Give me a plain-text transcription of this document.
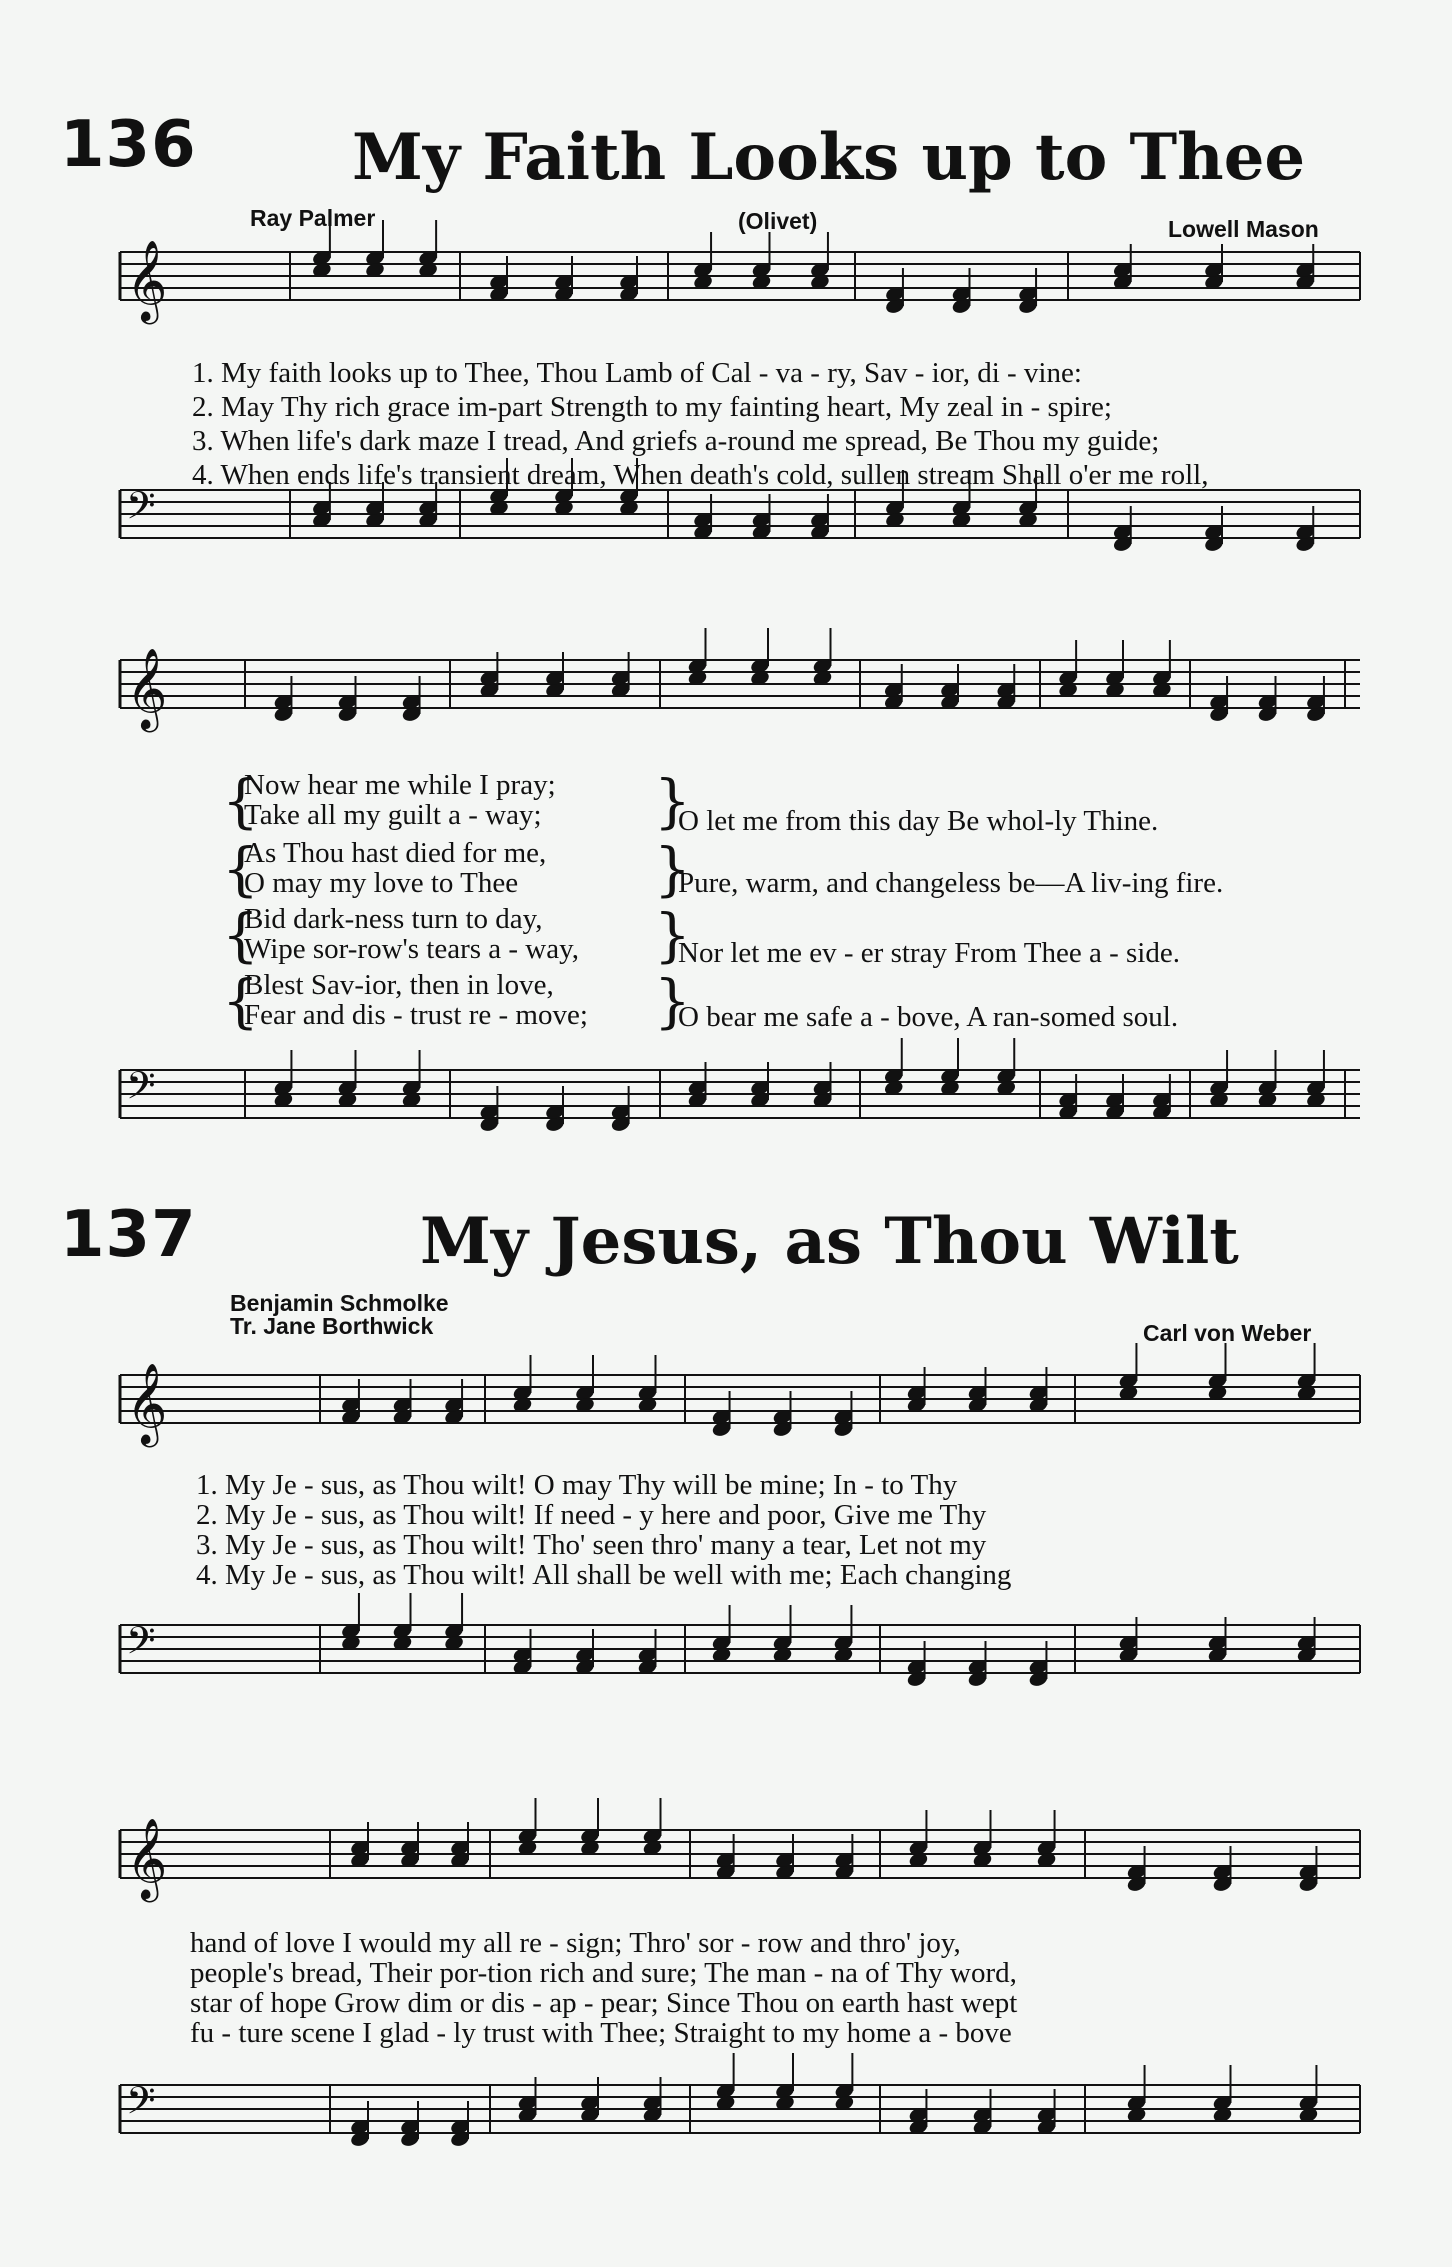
136 My Faith Looks up to Thee
Ray Palmer	(Olivet)	Lowell Mason
𝄞
𝄢
𝄞
𝄢
𝄞
𝄢
𝄞
𝄢
1. My faith looks up to Thee, Thou Lamb of Cal - va - ry, Sav - ior, di - vine:
2. May Thy rich grace im-part Strength to my fainting heart, My zeal in - spire;
3. When life's dark maze I tread, And griefs a-round me spread, Be Thou my guide;
4. When ends life's transient dream, When death's cold, sullen stream Shall o'er me roll,
{
Now hear me while I pray;
Take all my guilt a - way; }
O let me from this day Be whol-ly Thine.
{
As Thou hast died for me,
O may my love to Thee }
Pure, warm, and changeless be—A liv-ing fire.
{
Bid dark-ness turn to day,
Wipe sor-row's tears a - way, }
Nor let me ev - er stray From Thee a - side.
{
Blest Sav-ior, then in love,
Fear and dis - trust re - move; }
O bear me safe a - bove, A ran-somed soul.
137	My Jesus, as Thou Wilt
Benjamin Schmolke
Tr. Jane Borthwick	Carl von Weber
1. My Je - sus, as Thou wilt! O may Thy will be mine; In - to Thy
2. My Je - sus, as Thou wilt! If need - y here and poor, Give me Thy
3. My Je - sus, as Thou wilt! Tho' seen thro' many a tear, Let not my
4. My Je - sus, as Thou wilt! All shall be well with me; Each changing
hand of love I would my all re - sign; Thro' sor - row and thro' joy,
people's bread, Their por-tion rich and sure; The man - na of Thy word,
star of hope Grow dim or dis - ap - pear; Since Thou on earth hast wept
fu - ture scene I glad - ly trust with Thee; Straight to my home a - bove
